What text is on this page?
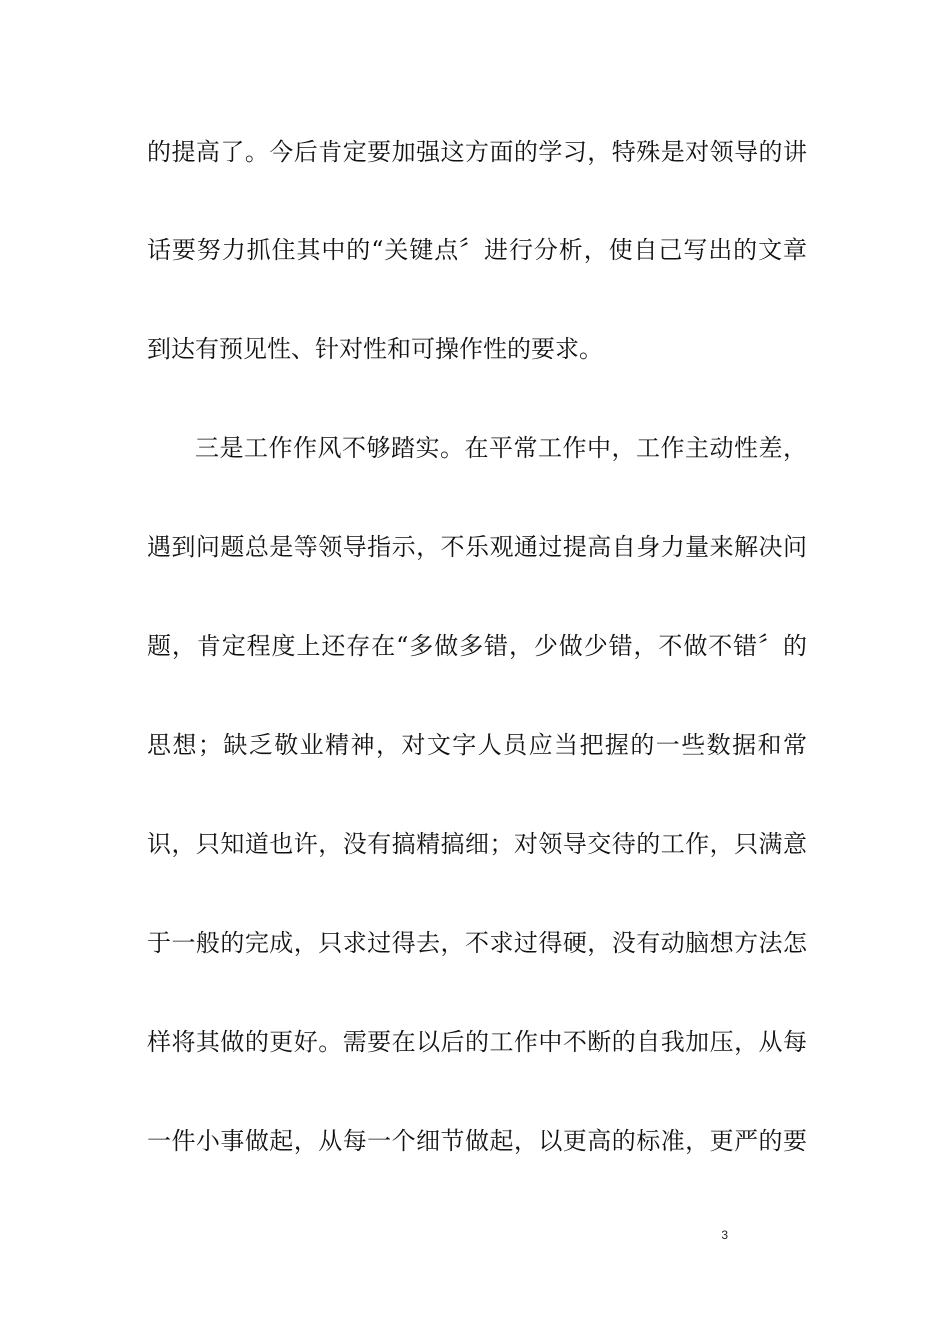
的提高了。今后肯定要加强这方面的学习，特殊是对领导的讲
话要努力抓住其中的“关键点〞进行分析，使自己写出的文章
到达有预见性、针对性和可操作性的要求。
三是工作作风不够踏实。在平常工作中，工作主动性差，
遇到问题总是等领导指示，不乐观通过提高自身力量来解决问
题，肯定程度上还存在“多做多错，少做少错，不做不错〞的
思想；缺乏敬业精神，对文字人员应当把握的一些数据和常
识，只知道也许，没有搞精搞细；对领导交待的工作，只满意
于一般的完成，只求过得去，不求过得硬，没有动脑想方法怎
样将其做的更好。需要在以后的工作中不断的自我加压，从每
一件小事做起，从每一个细节做起，以更高的标准，更严的要
3
